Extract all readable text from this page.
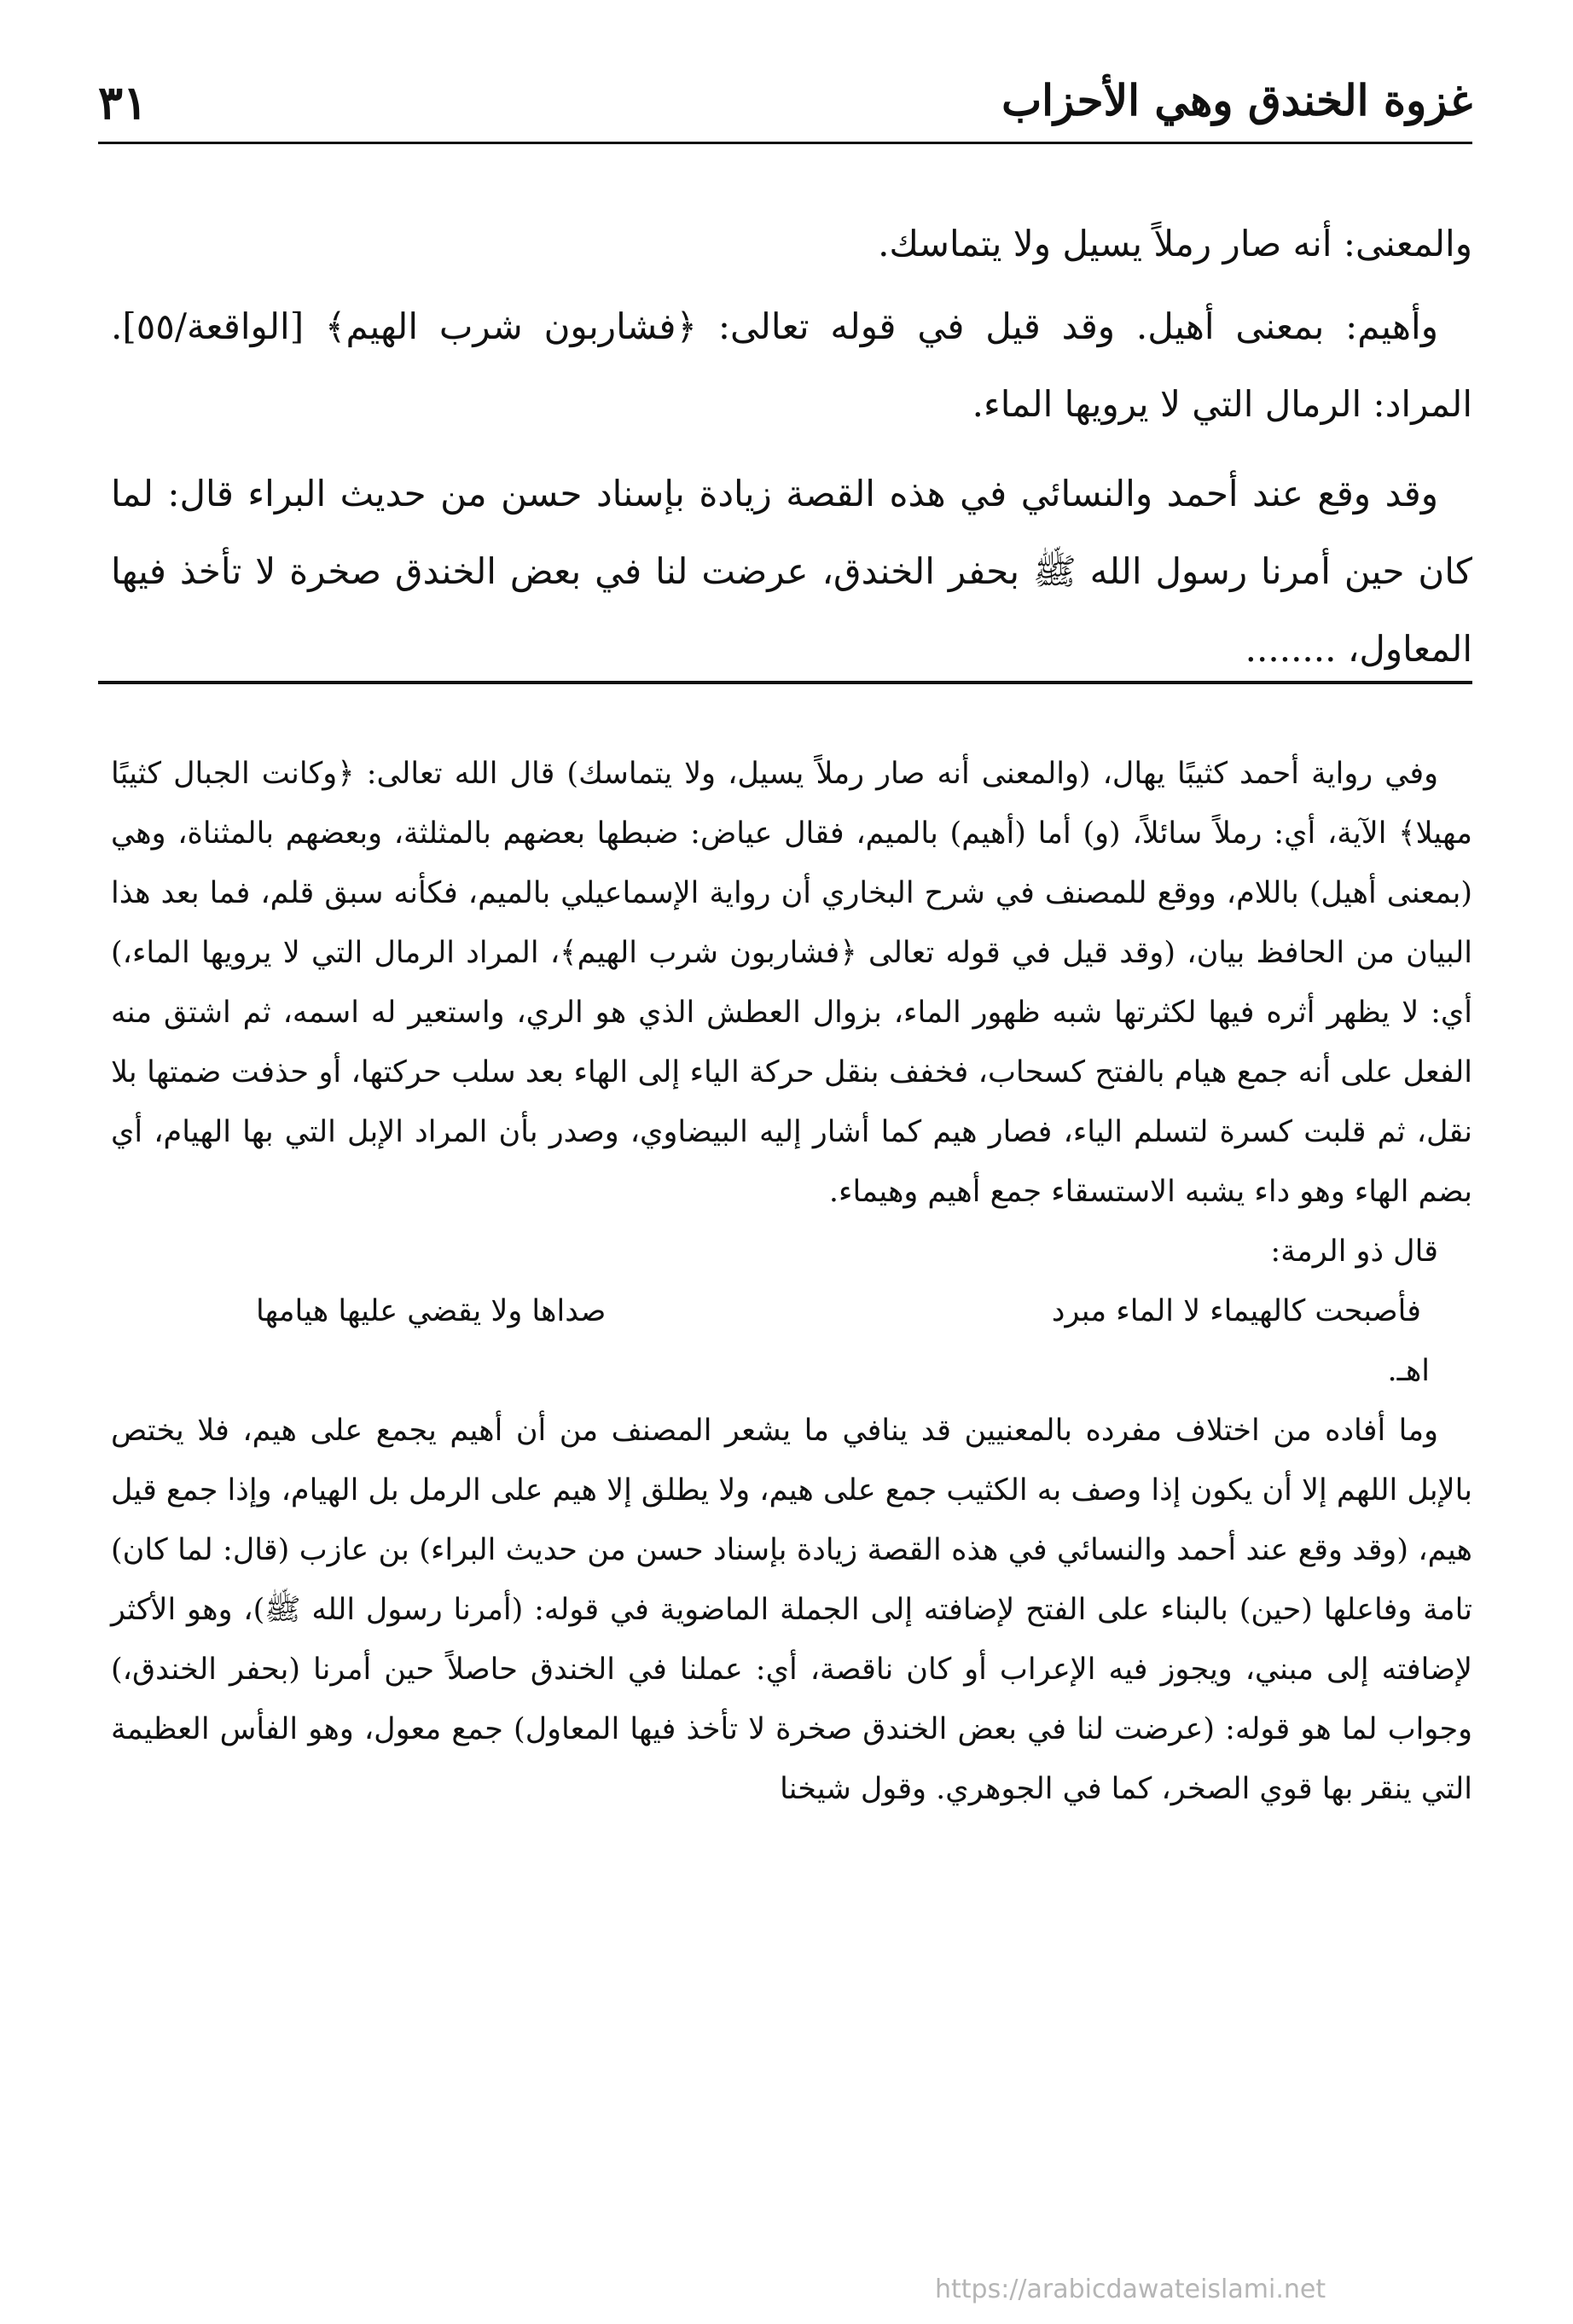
غزوة الخندق وهي الأحزاب
٣١

والمعنى: أنه صار رملاً يسيل ولا يتماسك.

وأهيم: بمعنى أهيل. وقد قيل في قوله تعالى: ﴿فشاربون شرب الهيم﴾ [الواقعة/٥٥]. المراد: الرمال التي لا يرويها الماء.

وقد وقع عند أحمد والنسائي في هذه القصة زيادة بإسناد حسن من حديث البراء قال: لما كان حين أمرنا رسول الله ﷺ بحفر الخندق، عرضت لنا في بعض الخندق صخرة لا تأخذ فيها المعاول، ........

وفي رواية أحمد كثيبًا يهال، (والمعنى أنه صار رملاً يسيل، ولا يتماسك) قال الله تعالى: ﴿وكانت الجبال كثيبًا مهيلا﴾ الآية، أي: رملاً سائلاً، (و) أما (أهيم) بالميم، فقال عياض: ضبطها بعضهم بالمثلثة، وبعضهم بالمثناة، وهي (بمعنى أهيل) باللام، ووقع للمصنف في شرح البخاري أن رواية الإسماعيلي بالميم، فكأنه سبق قلم، فما بعد هذا البيان من الحافظ بيان، (وقد قيل في قوله تعالى ﴿فشاربون شرب الهيم﴾، المراد الرمال التي لا يرويها الماء،) أي: لا يظهر أثره فيها لكثرتها شبه ظهور الماء، بزوال العطش الذي هو الري، واستعير له اسمه، ثم اشتق منه الفعل على أنه جمع هيام بالفتح كسحاب، فخفف بنقل حركة الياء إلى الهاء بعد سلب حركتها، أو حذفت ضمتها بلا نقل، ثم قلبت كسرة لتسلم الياء، فصار هيم كما أشار إليه البيضاوي، وصدر بأن المراد الإبل التي بها الهيام، أي بضم الهاء وهو داء يشبه الاستسقاء جمع أهيم وهيماء.

قال ذو الرمة:

فأصبحت كالهيماء لا الماء مبرد
صداها ولا يقضي عليها هيامها

اهـ.

وما أفاده من اختلاف مفرده بالمعنيين قد ينافي ما يشعر المصنف من أن أهيم يجمع على هيم، فلا يختص بالإبل اللهم إلا أن يكون إذا وصف به الكثيب جمع على هيم، ولا يطلق إلا هيم على الرمل بل الهيام، وإذا جمع قيل هيم، (وقد وقع عند أحمد والنسائي في هذه القصة زيادة بإسناد حسن من حديث البراء) بن عازب (قال: لما كان) تامة وفاعلها (حين) بالبناء على الفتح لإضافته إلى الجملة الماضوية في قوله: (أمرنا رسول الله ﷺ)، وهو الأكثر لإضافته إلى مبني، ويجوز فيه الإعراب أو كان ناقصة، أي: عملنا في الخندق حاصلاً حين أمرنا (بحفر الخندق،) وجواب لما هو قوله: (عرضت لنا في بعض الخندق صخرة لا تأخذ فيها المعاول) جمع معول، وهو الفأس العظيمة التي ينقر بها قوي الصخر، كما في الجوهري. وقول شيخنا

https://arabicdawateislami.net
